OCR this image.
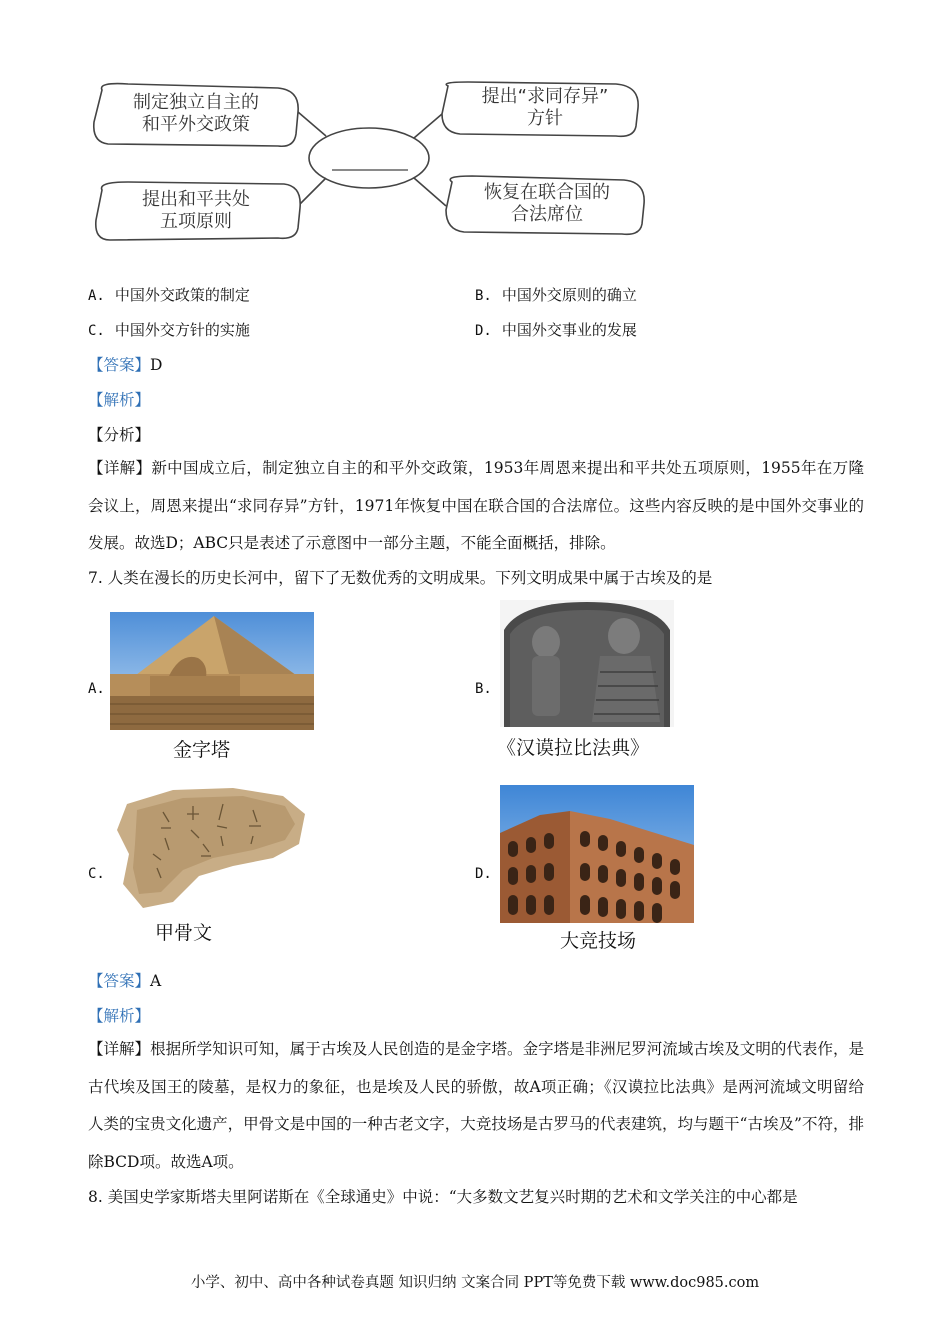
制定独立自主的
和平外交政策
提出和平共处
五项原则
提出“求同存异”
方针
恢复在联合国的
合法席位
A. 中国外交政策的制定	B. 中国外交原则的确立
C. 中国外交方针的实施	D. 中国外交事业的发展
【答案】D
【解析】
【分析】
【详解】新中国成立后，制定独立自主的和平外交政策，1953年周恩来提出和平共处五项原则，1955年在万隆会议上，周恩来提出“求同存异”方针，1971年恢复中国在联合国的合法席位。这些内容反映的是中国外交事业的发展。故选D；ABC只是表述了示意图中一部分主题，不能全面概括，排除。
7. 人类在漫长的历史长河中，留下了无数优秀的文明成果。下列文明成果中属于古埃及的是
A.
金字塔
B.
《汉谟拉比法典》
C.
甲骨文
D.
大竞技场
【答案】A
【解析】
【详解】根据所学知识可知，属于古埃及人民创造的是金字塔。金字塔是非洲尼罗河流域古埃及文明的代表作，是古代埃及国王的陵墓，是权力的象征，也是埃及人民的骄傲，故A项正确；《汉谟拉比法典》是两河流域文明留给人类的宝贵文化遗产，甲骨文是中国的一种古老文字，大竞技场是古罗马的代表建筑，均与题干“古埃及”不符，排除BCD项。故选A项。
8. 美国史学家斯塔夫里阿诺斯在《全球通史》中说：“大多数文艺复兴时期的艺术和文学关注的中心都是
小学、初中、高中各种试卷真题 知识归纳 文案合同 PPT等免费下载 www.doc985.com
